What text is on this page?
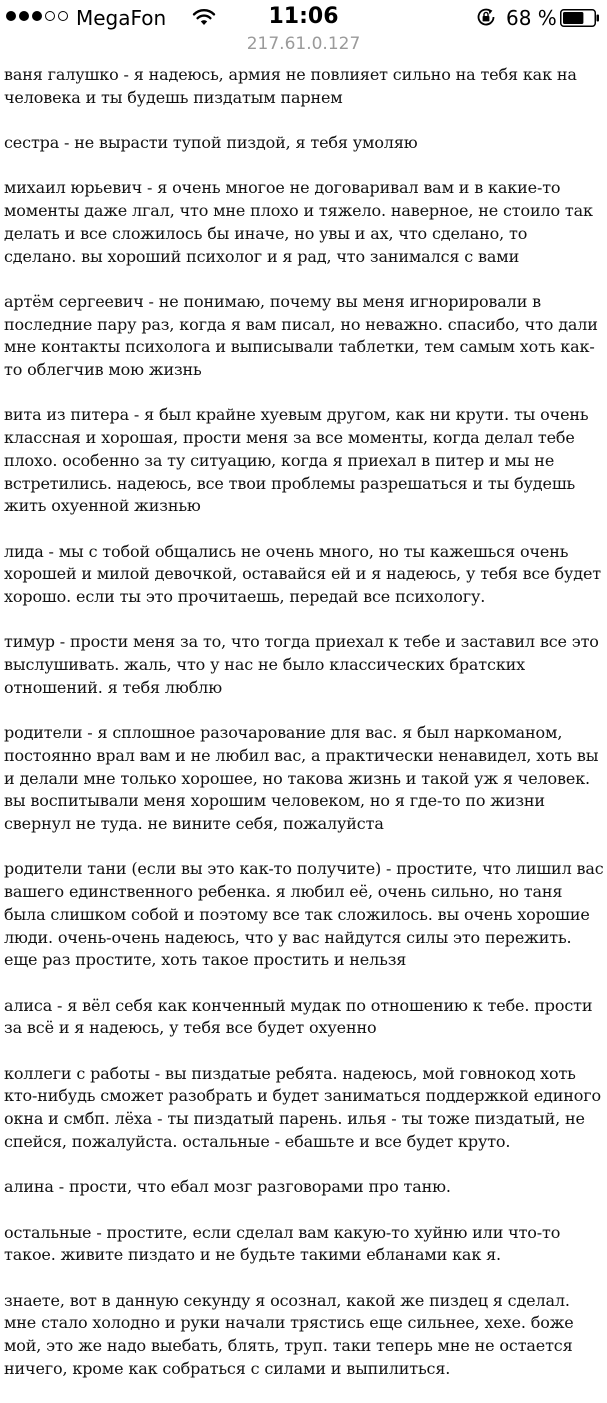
MegaFon	11:06	68 %
217.61.0.127

ваня галушко - я надеюсь, армия не повлияет сильно на тебя как на человека и ты будешь пиздатым парнем

сестра - не вырасти тупой пиздой, я тебя умоляю

михаил юрьевич - я очень многое не договаривал вам и в какие-то моменты даже лгал, что мне плохо и тяжело. наверное, не стоило так делать и все сложилось бы иначе, но увы и ах, что сделано, то сделано. вы хороший психолог и я рад, что занимался с вами

артём сергеевич - не понимаю, почему вы меня игнорировали в последние пару раз, когда я вам писал, но неважно. спасибо, что дали мне контакты психолога и выписывали таблетки, тем самым хоть как-то облегчив мою жизнь

вита из питера - я был крайне хуевым другом, как ни крути. ты очень классная и хорошая, прости меня за все моменты, когда делал тебе плохо. особенно за ту ситуацию, когда я приехал в питер и мы не встретились. надеюсь, все твои проблемы разрешаться и ты будешь жить охуенной жизнью

лида - мы с тобой общались не очень много, но ты кажешься очень хорошей и милой девочкой, оставайся ей и я надеюсь, у тебя все будет хорошо. если ты это прочитаешь, передай все психологу.

тимур - прости меня за то, что тогда приехал к тебе и заставил все это выслушивать. жаль, что у нас не было классических братских отношений. я тебя люблю

родители - я сплошное разочарование для вас. я был наркоманом, постоянно врал вам и не любил вас, а практически ненавидел, хоть вы и делали мне только хорошее, но такова жизнь и такой уж я человек. вы воспитывали меня хорошим человеком, но я где-то по жизни свернул не туда. не вините себя, пожалуйста

родители тани (если вы это как-то получите) - простите, что лишил вас вашего единственного ребенка. я любил её, очень сильно, но таня была слишком собой и поэтому все так сложилось. вы очень хорошие люди. очень-очень надеюсь, что у вас найдутся силы это пережить. еще раз простите, хоть такое простить и нельзя

алиса - я вёл себя как конченный мудак по отношению к тебе. прости за всё и я надеюсь, у тебя все будет охуенно

коллеги с работы - вы пиздатые ребята. надеюсь, мой говнокод хоть кто-нибудь сможет разобрать и будет заниматься поддержкой единого окна и смбп. лёха - ты пиздатый парень. илья - ты тоже пиздатый, не спейся, пожалуйста. остальные - ебашьте и все будет круто.

алина - прости, что ебал мозг разговорами про таню.

остальные - простите, если сделал вам какую-то хуйню или что-то такое. живите пиздато и не будьте такими ебланами как я.

знаете, вот в данную секунду я осознал, какой же пиздец я сделал. мне стало холодно и руки начали трястись еще сильнее, хехе. боже мой, это же надо выебать, блять, труп. таки теперь мне не остается ничего, кроме как собраться с силами и выпилиться.
